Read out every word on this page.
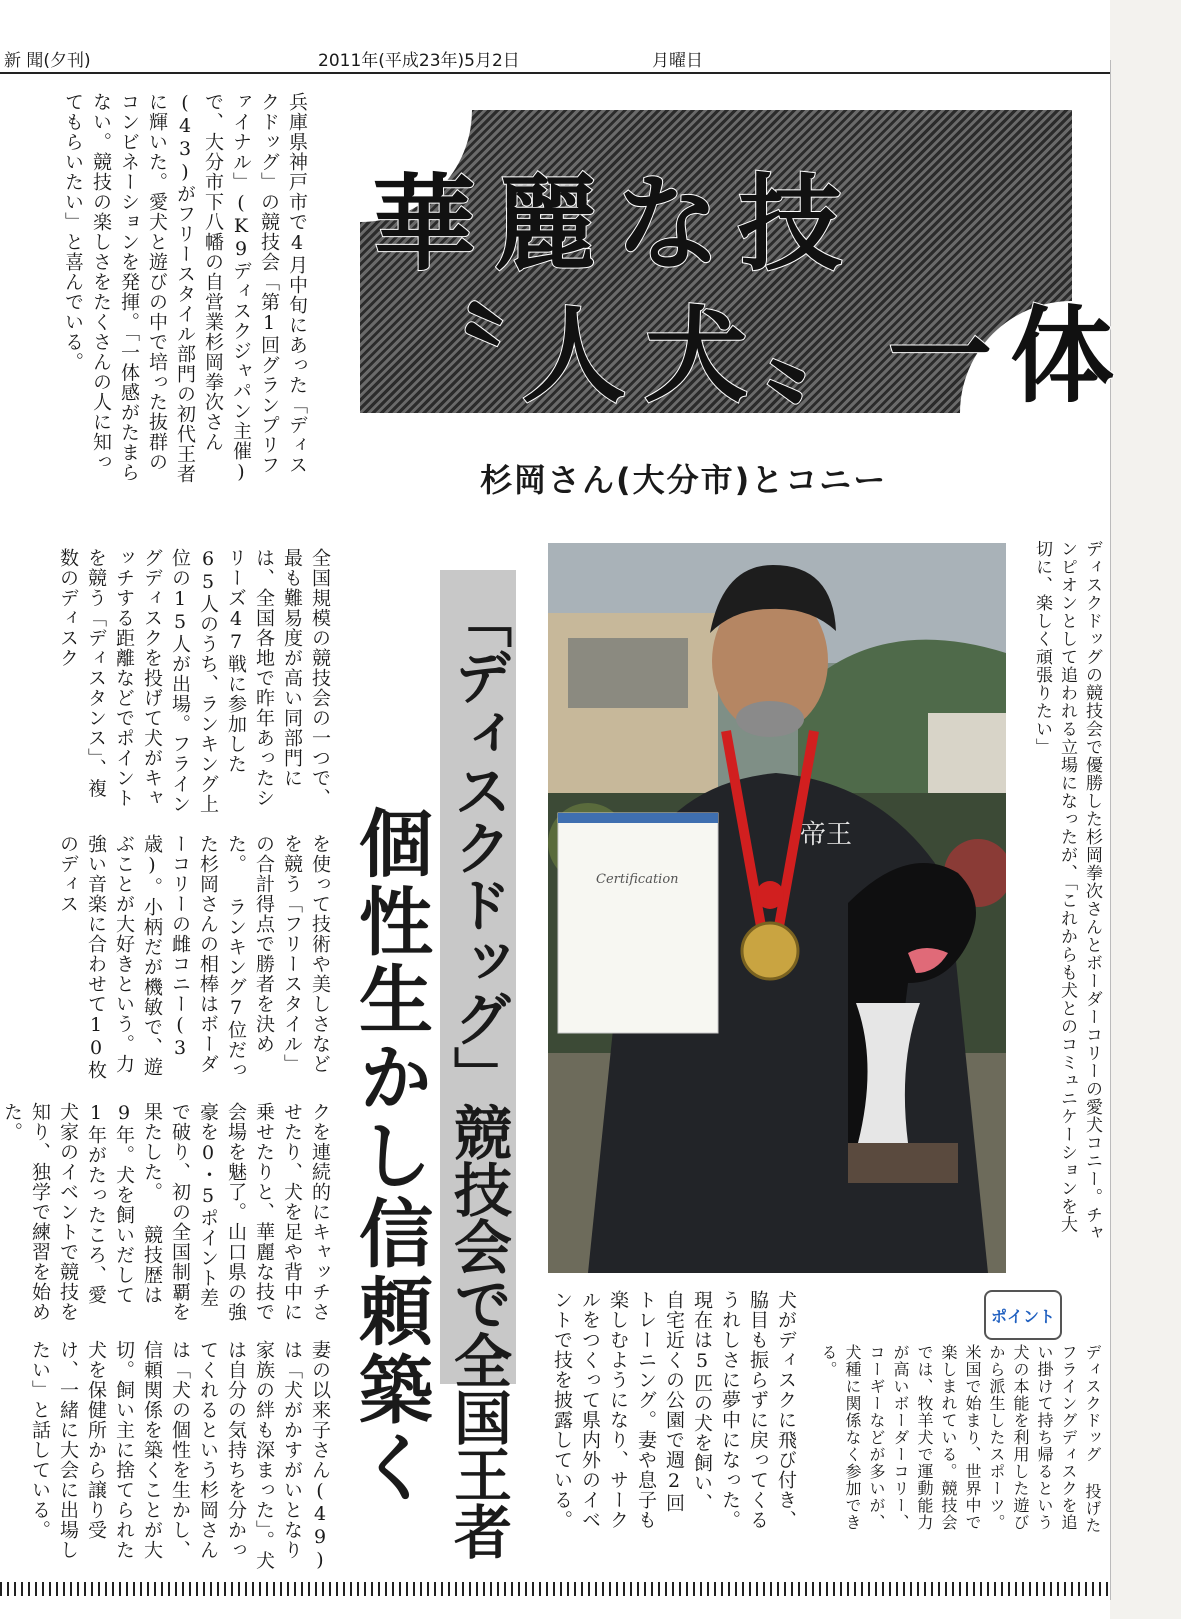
新 聞(夕刊)	2011年(平成23年)5月2日	月曜日
兵庫県神戸市で4月中旬にあった「ディスクドッグ」の競技会「第1回グランプリファイナル」(K9ディスクジャパン主催)で、大分市下八幡の自営業杉岡拳次さん(43)がフリースタイル部門の初代王者に輝いた。愛犬と遊びの中で培った抜群のコンビネーションを発揮。「一体感がたまらない。競技の楽しさをたくさんの人に知ってもらいたい」と喜んでいる。	華麗な技
〝人犬〟一体
杉岡さん(大分市)とコニー
「ディスクドッグ」競技会で全国王者
個性生かし信頼築く
全国規模の競技会の一つで、最も難易度が高い同部門には、全国各地で昨年あったシリーズ47戦に参加した65人のうち、ランキング上位の15人が出場。フライングディスクを投げて犬がキャッチする距離などでポイントを競う「ディスタンス」、複数のディスク
を使って技術や美しさなどを競う「フリースタイル」の合計得点で勝者を決めた。 ランキング7位だった杉岡さんの相棒はボーダーコリーの雌コニー(3歳)。小柄だが機敏で、遊ぶことが大好きという。力強い音楽に合わせて10枚のディス
クを連続的にキャッチさせたり、犬を足や背中に乗せたりと、華麗な技で会場を魅了。山口県の強豪を0・5ポイント差で破り、初の全国制覇を果たした。 競技歴は9年。犬を飼いだして1年がたったころ、愛犬家のイベントで競技を知り、独学で練習を始めた。
妻の以来子さん(49)は「犬がかすがいとなり家族の絆も深まった」。犬は自分の気持ちを分かってくれるという杉岡さんは「犬の個性を生かし、信頼関係を築くことが大切。飼い主に捨てられた犬を保健所から譲り受け、一緒に大会に出場したい」と話している。	犬がディスクに飛び付き、脇目も振らずに戻ってくるうれしさに夢中になった。現在は5匹の犬を飼い、自宅近くの公園で週2回トレーニング。妻や息子も楽しむようになり、サークルをつくって県内外のイベントで技を披露している。
帝王
Certification	ディスクドッグの競技会で優勝した杉岡拳次さんとボーダーコリーの愛犬コニー。チャンピオンとして追われる立場になったが、「これからも犬とのコミュニケーションを大切に、楽しく頑張りたい」
ポイント
ディスクドッグ 投げたフライングディスクを追い掛けて持ち帰るという犬の本能を利用した遊びから派生したスポーツ。米国で始まり、世界中で楽しまれている。競技会では、牧羊犬で運動能力が高いボーダーコリー、コーギーなどが多いが、犬種に関係なく参加できる。
